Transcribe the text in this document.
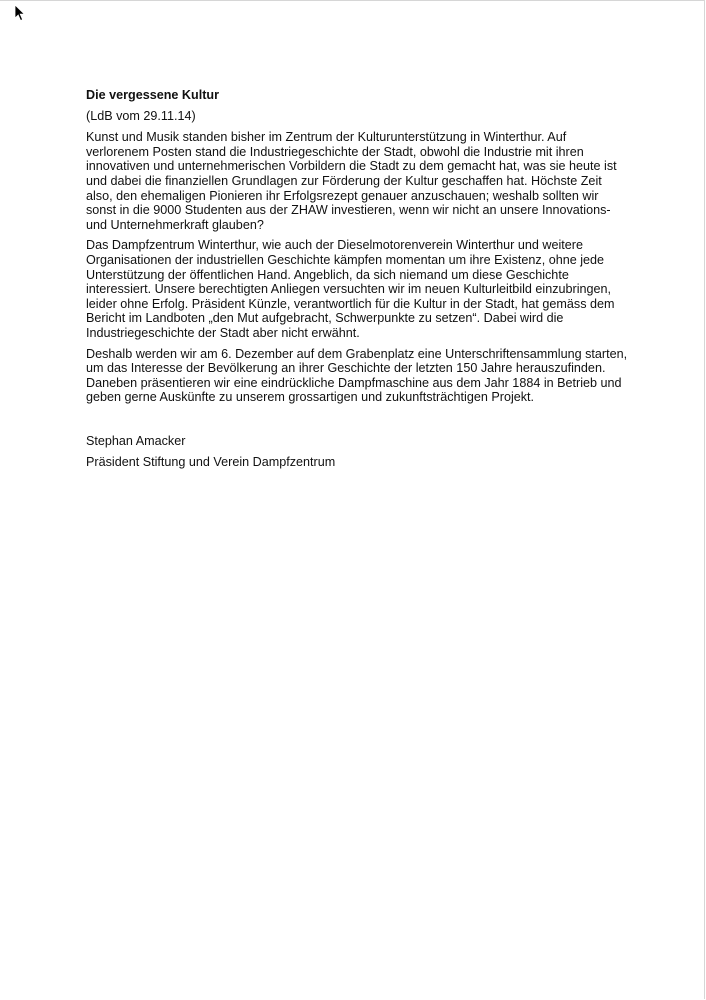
Die vergessene Kultur

(LdB vom 29.11.14)

Kunst und Musik standen bisher im Zentrum der Kulturunterstützung in Winterthur. Auf verlorenem Posten stand die Industriegeschichte der Stadt, obwohl die Industrie mit ihren innovativen und unternehmerischen Vorbildern die Stadt zu dem gemacht hat, was sie heute ist und dabei die finanziellen Grundlagen zur Förderung der Kultur geschaffen hat. Höchste Zeit also, den ehemaligen Pionieren ihr Erfolgsrezept genauer anzuschauen; weshalb sollten wir sonst in die 9000 Studenten aus der ZHAW investieren, wenn wir nicht an unsere Innovations- und Unternehmerkraft glauben?

Das Dampfzentrum Winterthur, wie auch der Dieselmotorenverein Winterthur und weitere Organisationen der industriellen Geschichte kämpfen momentan um ihre Existenz, ohne jede Unterstützung der öffentlichen Hand. Angeblich, da sich niemand um diese Geschichte interessiert. Unsere berechtigten Anliegen versuchten wir im neuen Kulturleitbild einzubringen, leider ohne Erfolg. Präsident Künzle, verantwortlich für die Kultur in der Stadt, hat gemäss dem Bericht im Landboten „den Mut aufgebracht, Schwerpunkte zu setzen“. Dabei wird die Industriegeschichte der Stadt aber nicht erwähnt.

Deshalb werden wir am 6. Dezember auf dem Grabenplatz eine Unterschriftensammlung starten, um das Interesse der Bevölkerung an ihrer Geschichte der letzten 150 Jahre herauszufinden. Daneben präsentieren wir eine eindrückliche Dampfmaschine aus dem Jahr 1884 in Betrieb und geben gerne Auskünfte zu unserem grossartigen und zukunftsträchtigen Projekt.

Stephan Amacker

Präsident Stiftung und Verein Dampfzentrum
